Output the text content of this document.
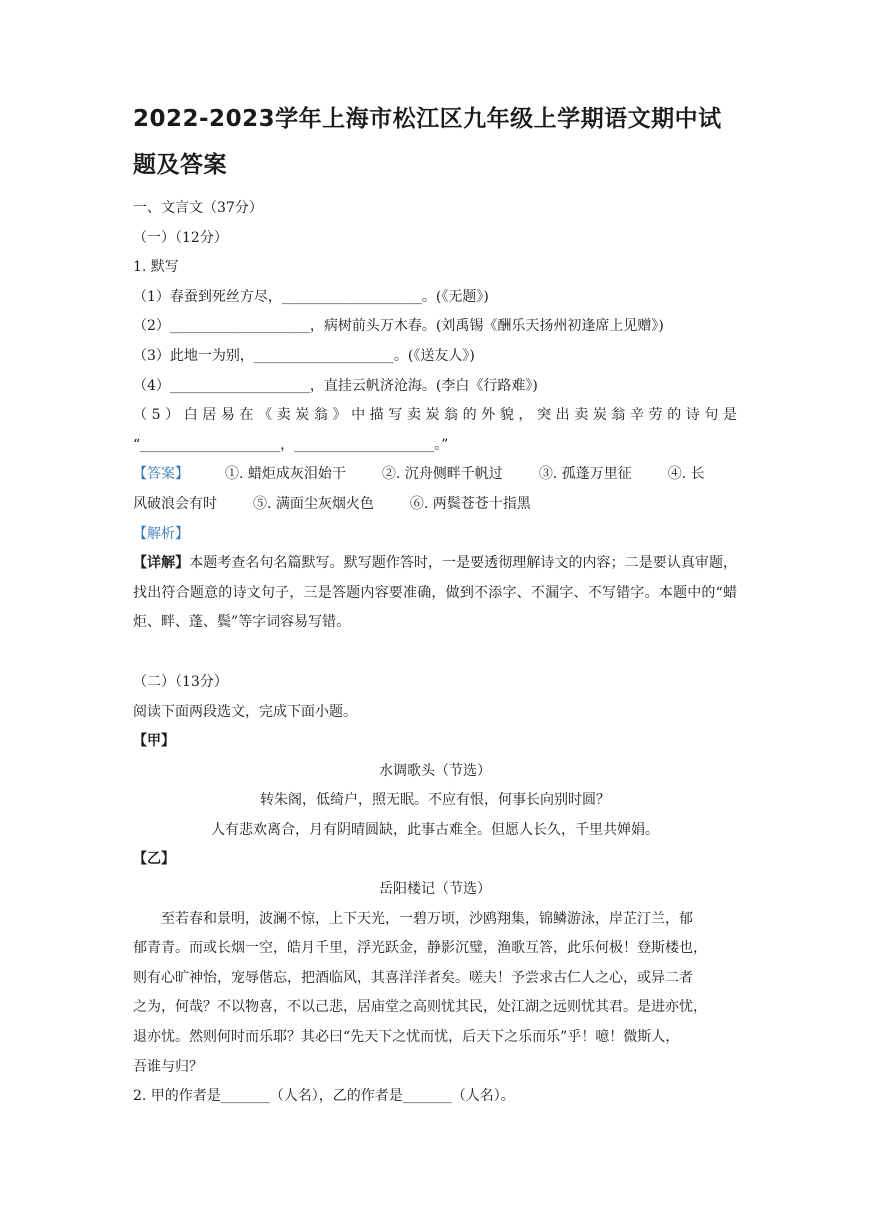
2022-2023学年上海市松江区九年级上学期语文期中试题及答案
一、文言文（37分）
（一）（12分）
1. 默写
（1）春蚕到死丝方尽，____________________。(《无题》)
（2）____________________，病树前头万木春。(刘禹锡《酬乐天扬州初逢席上见赠》)
（3）此地一为别，____________________。(《送友人》)
（4）____________________，直挂云帆济沧海。(李白《行路难》)
（5）白居易在《卖炭翁》中描写卖炭翁的外貌，突出卖炭翁辛劳的诗句是
“____________________，____________________。”
【答案】	①. 蜡炬成灰泪始干	②. 沉舟侧畔千帆过	③. 孤蓬万里征	④. 长
风破浪会有时	⑤. 满面尘灰烟火色	⑥. 两鬓苍苍十指黑
【解析】
【详解】本题考查名句名篇默写。默写题作答时，一是要透彻理解诗文的内容；二是要认真审题，找出符合题意的诗文句子，三是答题内容要准确，做到不添字、不漏字、不写错字。本题中的“蜡炬、畔、蓬、鬓”等字词容易写错。
（二）（13分）
阅读下面两段选文，完成下面小题。
【甲】
水调歌头（节选）
转朱阁，低绮户，照无眠。不应有恨，何事长向别时圆？
人有悲欢离合，月有阴晴圆缺，此事古难全。但愿人长久，千里共婵娟。
【乙】
岳阳楼记（节选）
至若春和景明，波澜不惊，上下天光，一碧万顷，沙鸥翔集，锦鳞游泳，岸芷汀兰，郁
郁青青。而或长烟一空，皓月千里，浮光跃金，静影沉璧，渔歌互答，此乐何极！登斯楼也，
则有心旷神怡，宠辱偕忘，把酒临风，其喜洋洋者矣。嗟夫！予尝求古仁人之心，或异二者
之为，何哉？不以物喜，不以己悲，居庙堂之高则忧其民，处江湖之远则忧其君。是进亦忧，
退亦忧。然则何时而乐耶？其必曰“先天下之忧而忧，后天下之乐而乐”乎！噫！微斯人，
吾谁与归？
2. 甲的作者是_______（人名），乙的作者是_______（人名）。
